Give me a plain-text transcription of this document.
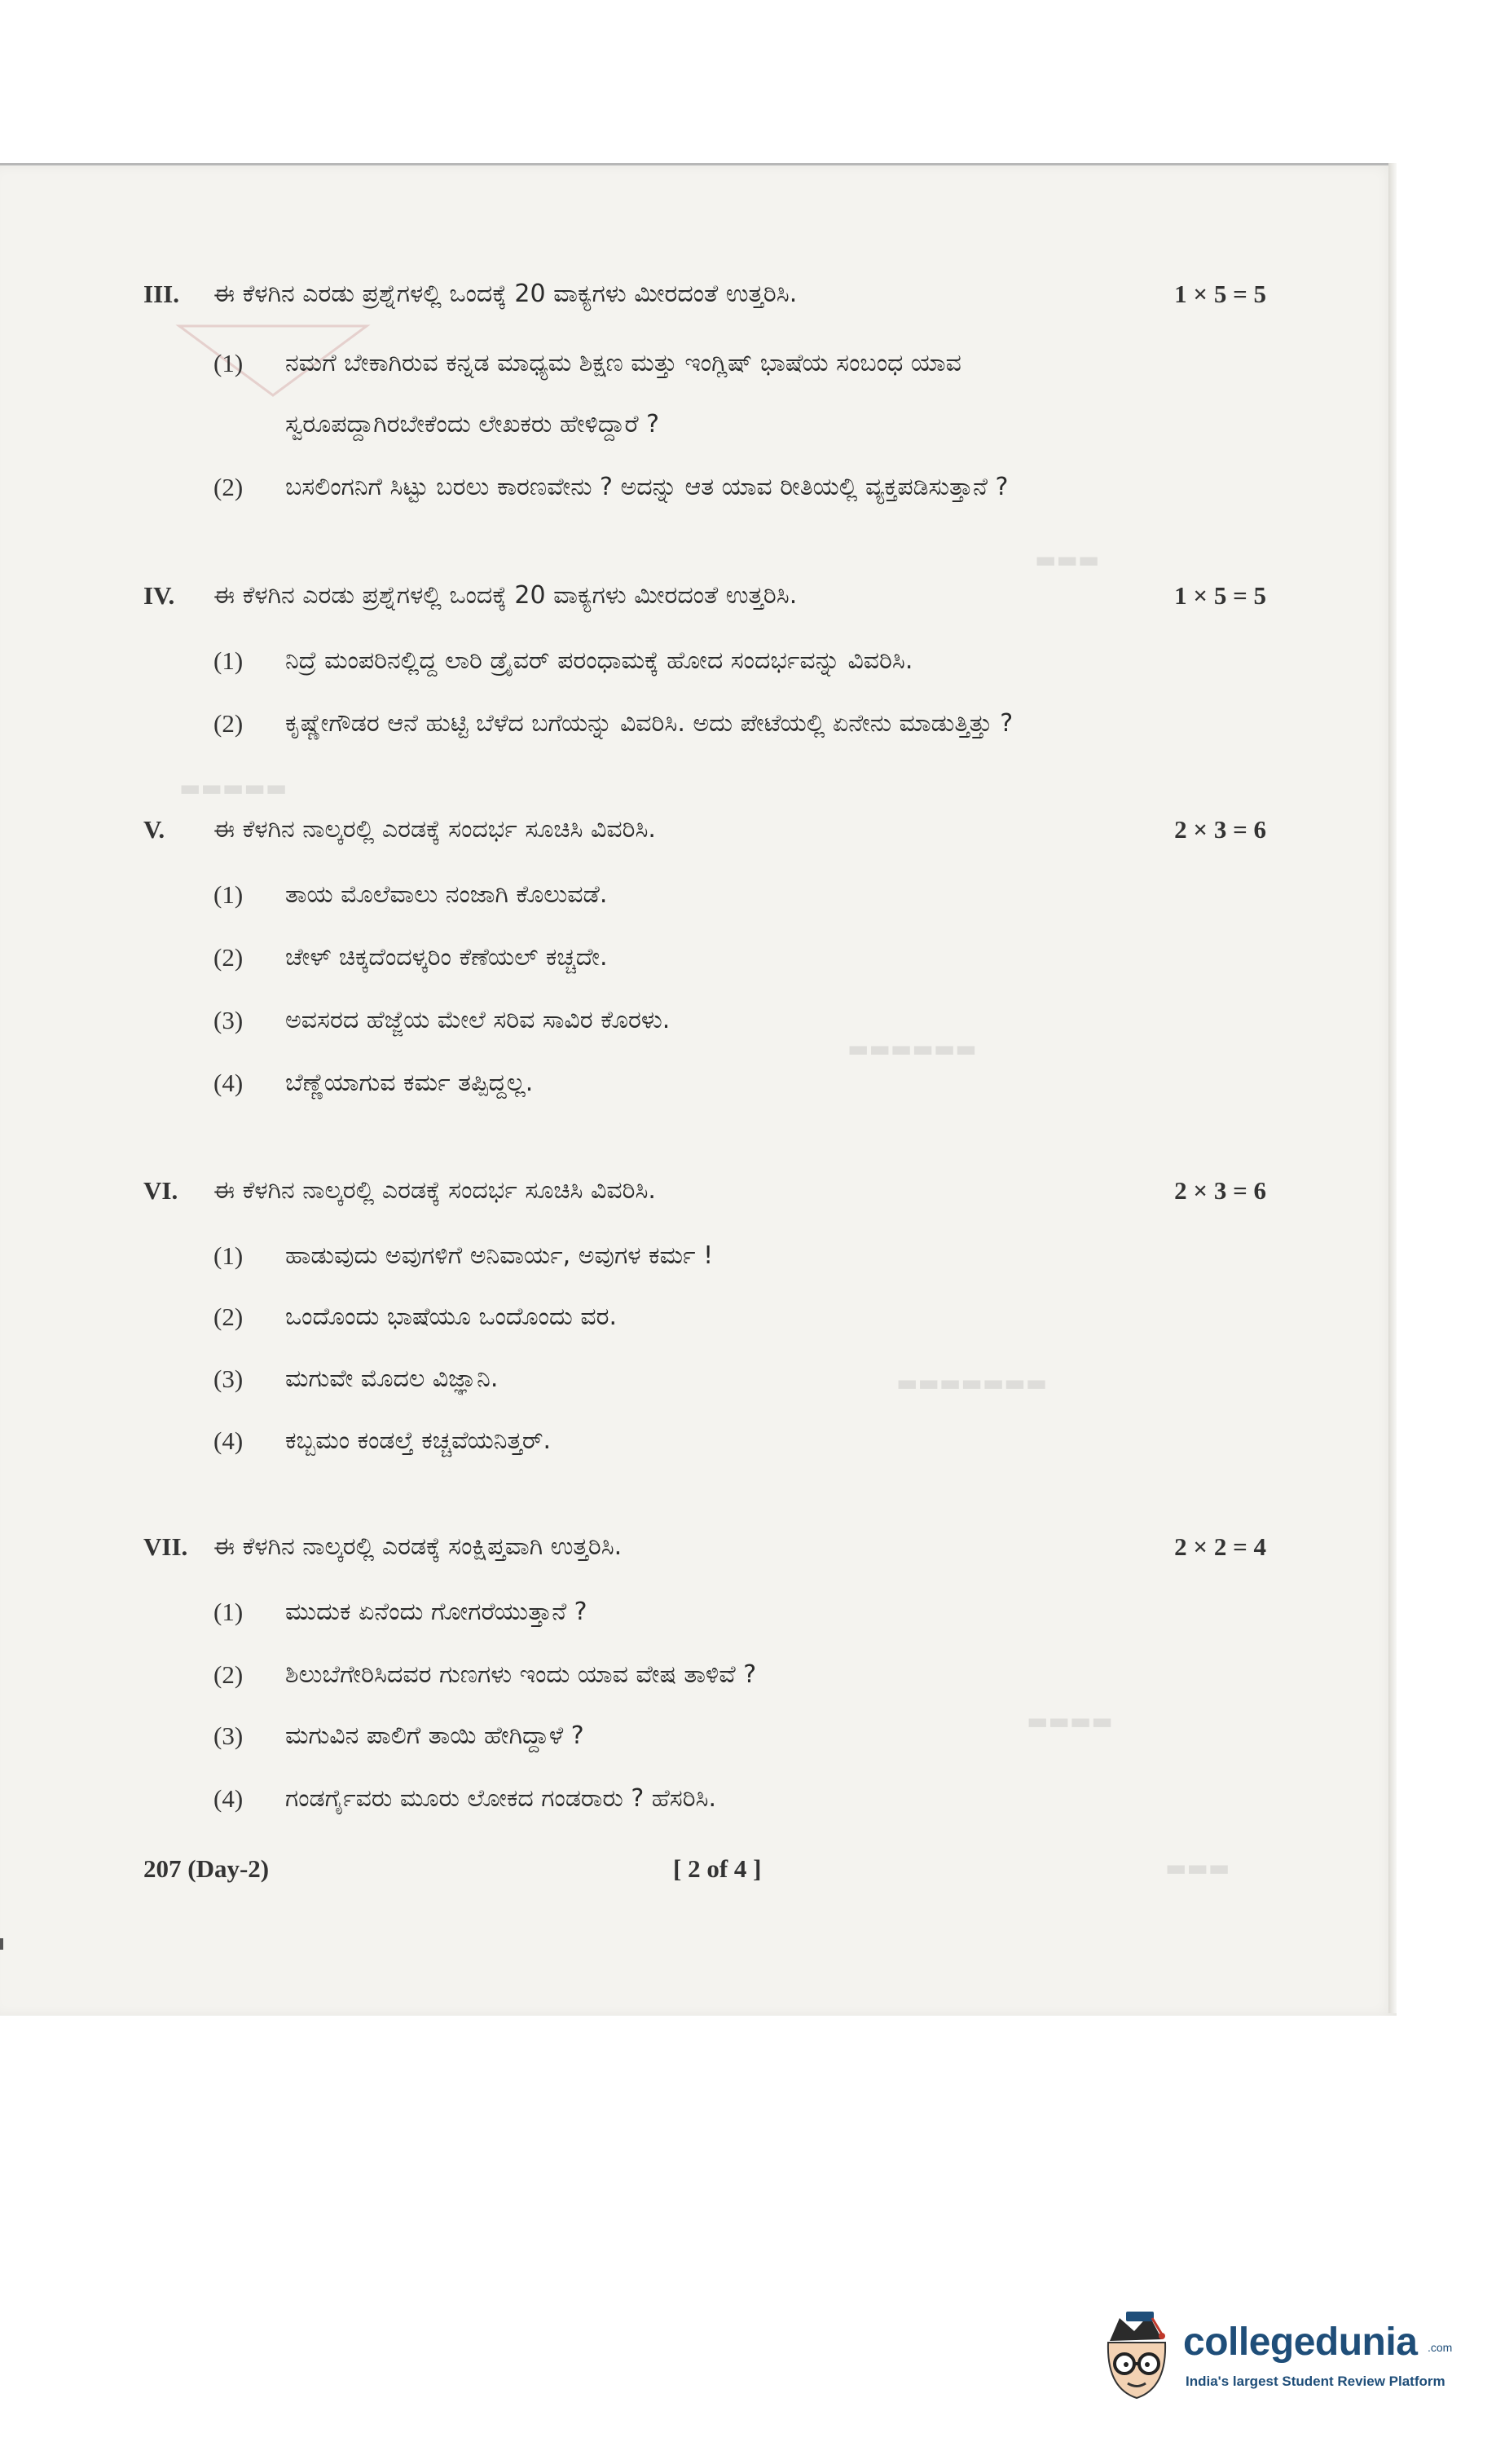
▬▬▬
▬▬▬▬▬
▬▬▬▬▬▬
▬▬▬▬▬▬▬
▬▬▬▬
▬▬▬
III. ಈ ಕೆಳಗಿನ ಎರಡು ಪ್ರಶ್ನೆಗಳಲ್ಲಿ ಒಂದಕ್ಕೆ 20 ವಾಕ್ಯಗಳು ಮೀರದಂತೆ ಉತ್ತರಿಸಿ.	1 × 5 = 5
(1) ನಮಗೆ ಬೇಕಾಗಿರುವ ಕನ್ನಡ ಮಾಧ್ಯಮ ಶಿಕ್ಷಣ ಮತ್ತು ಇಂಗ್ಲಿಷ್ ಭಾಷೆಯ ಸಂಬಂಧ ಯಾವ
ಸ್ವರೂಪದ್ದಾಗಿರಬೇಕೆಂದು ಲೇಖಕರು ಹೇಳಿದ್ದಾರೆ ?
(2) ಬಸಲಿಂಗನಿಗೆ ಸಿಟ್ಟು ಬರಲು ಕಾರಣವೇನು ? ಅದನ್ನು ಆತ ಯಾವ ರೀತಿಯಲ್ಲಿ ವ್ಯಕ್ತಪಡಿಸುತ್ತಾನೆ ?
IV. ಈ ಕೆಳಗಿನ ಎರಡು ಪ್ರಶ್ನೆಗಳಲ್ಲಿ ಒಂದಕ್ಕೆ 20 ವಾಕ್ಯಗಳು ಮೀರದಂತೆ ಉತ್ತರಿಸಿ.	1 × 5 = 5
(1) ನಿದ್ರೆ ಮಂಪರಿನಲ್ಲಿದ್ದ ಲಾರಿ ಡ್ರೈವರ್ ಪರಂಧಾಮಕ್ಕೆ ಹೋದ ಸಂದರ್ಭವನ್ನು ವಿವರಿಸಿ.
(2) ಕೃಷ್ಣೇಗೌಡರ ಆನೆ ಹುಟ್ಟಿ ಬೆಳೆದ ಬಗೆಯನ್ನು ವಿವರಿಸಿ. ಅದು ಪೇಟೆಯಲ್ಲಿ ಏನೇನು ಮಾಡುತ್ತಿತ್ತು ?
V. ಈ ಕೆಳಗಿನ ನಾಲ್ಕರಲ್ಲಿ ಎರಡಕ್ಕೆ ಸಂದರ್ಭ ಸೂಚಿಸಿ ವಿವರಿಸಿ.	2 × 3 = 6
(1) ತಾಯ ಮೊಲೆವಾಲು ನಂಜಾಗಿ ಕೊಲುವಡೆ.
(2) ಚೇಳ್ ಚಿಕ್ಕದೆಂದಳ್ಕರಿಂ ಕೆಣೆಯಲ್ ಕಚ್ಚದೇ.
(3) ಅವಸರದ ಹೆಜ್ಜೆಯ ಮೇಲೆ ಸರಿವ ಸಾವಿರ ಕೊರಳು.
(4) ಬೆಣ್ಣೆಯಾಗುವ ಕರ್ಮ ತಪ್ಪಿದ್ದಲ್ಲ.
VI. ಈ ಕೆಳಗಿನ ನಾಲ್ಕರಲ್ಲಿ ಎರಡಕ್ಕೆ ಸಂದರ್ಭ ಸೂಚಿಸಿ ವಿವರಿಸಿ.	2 × 3 = 6
(1) ಹಾಡುವುದು ಅವುಗಳಿಗೆ ಅನಿವಾರ್ಯ, ಅವುಗಳ ಕರ್ಮ !
(2) ಒಂದೊಂದು ಭಾಷೆಯೂ ಒಂದೊಂದು ವರ.
(3) ಮಗುವೇ ಮೊದಲ ವಿಜ್ಞಾನಿ.
(4) ಕಬ್ಬಮಂ ಕಂಡಲ್ತೆ ಕಚ್ಚವೆಯನಿತ್ತರ್.
VII. ಈ ಕೆಳಗಿನ ನಾಲ್ಕರಲ್ಲಿ ಎರಡಕ್ಕೆ ಸಂಕ್ಷಿಪ್ತವಾಗಿ ಉತ್ತರಿಸಿ.	2 × 2 = 4
(1) ಮುದುಕ ಏನೆಂದು ಗೋಗರೆಯುತ್ತಾನೆ ?
(2) ಶಿಲುಬೆಗೇರಿಸಿದವರ ಗುಣಗಳು ಇಂದು ಯಾವ ವೇಷ ತಾಳಿವೆ ?
(3) ಮಗುವಿನ ಪಾಲಿಗೆ ತಾಯಿ ಹೇಗಿದ್ದಾಳೆ ?
(4) ಗಂಡರ್ಗೈವರು ಮೂರು ಲೋಕದ ಗಂಡರಾರು ? ಹೆಸರಿಸಿ.
207 (Day-2)	[ 2 of 4 ]
collegedunia .com
India's largest Student Review Platform
